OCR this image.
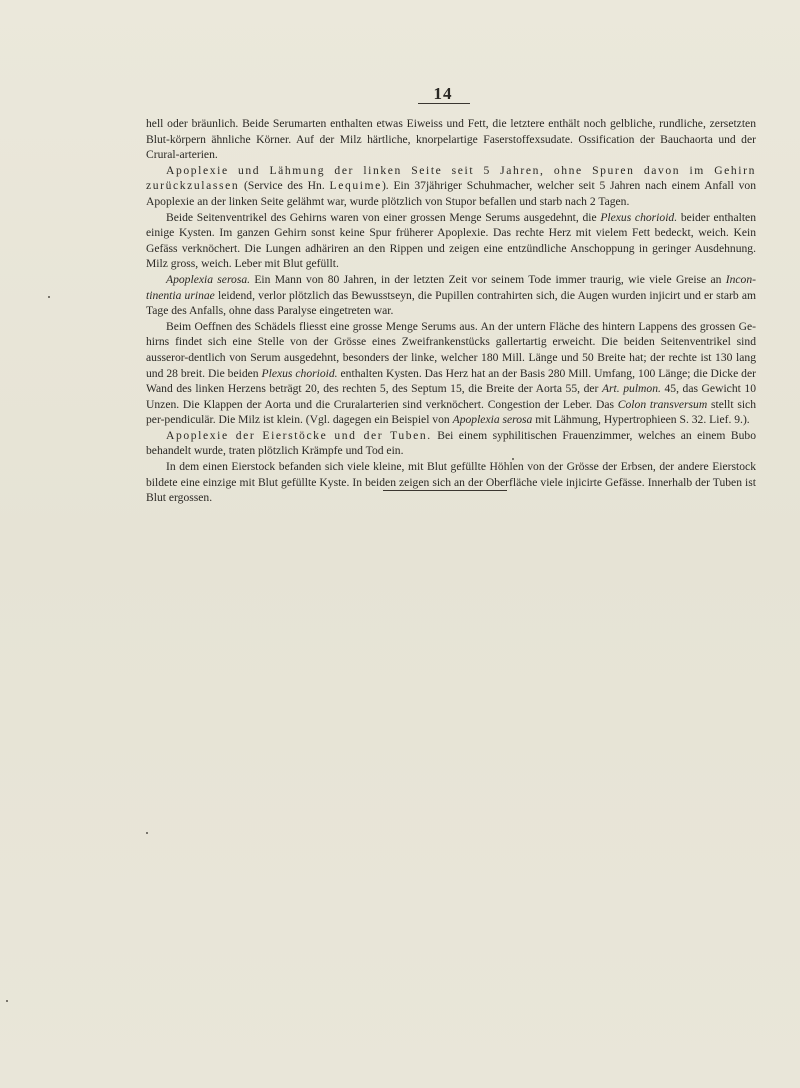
14

hell oder bräunlich. Beide Serumarten enthalten etwas Eiweiss und Fett, die letztere enthält noch gelbliche, rundliche, zersetzten Blut-körpern ähnliche Körner. Auf der Milz härtliche, knorpelartige Faserstoffexsudate. Ossification der Bauchaorta und der Crural-arterien.

Apoplexie und Lähmung der linken Seite seit 5 Jahren, ohne Spuren davon im Gehirn zurückzulassen (Service des Hn. Lequime). Ein 37jähriger Schuhmacher, welcher seit 5 Jahren nach einem Anfall von Apoplexie an der linken Seite gelähmt war, wurde plötzlich von Stupor befallen und starb nach 2 Tagen.

Beide Seitenventrikel des Gehirns waren von einer grossen Menge Serums ausgedehnt, die Plexus chorioid. beider enthalten einige Kysten. Im ganzen Gehirn sonst keine Spur früherer Apoplexie. Das rechte Herz mit vielem Fett bedeckt, weich. Kein Gefäss verknöchert. Die Lungen adhäriren an den Rippen und zeigen eine entzündliche Anschoppung in geringer Ausdehnung. Milz gross, weich. Leber mit Blut gefüllt.

Apoplexia serosa. Ein Mann von 80 Jahren, in der letzten Zeit vor seinem Tode immer traurig, wie viele Greise an Incon-tinentia urinae leidend, verlor plötzlich das Bewusstseyn, die Pupillen contrahirten sich, die Augen wurden injicirt und er starb am Tage des Anfalls, ohne dass Paralyse eingetreten war.

Beim Oeffnen des Schädels fliesst eine grosse Menge Serums aus. An der untern Fläche des hintern Lappens des grossen Ge-hirns findet sich eine Stelle von der Grösse eines Zweifrankenstücks gallertartig erweicht. Die beiden Seitenventrikel sind ausseror-dentlich von Serum ausgedehnt, besonders der linke, welcher 180 Mill. Länge und 50 Breite hat; der rechte ist 130 lang und 28 breit. Die beiden Plexus chorioid. enthalten Kysten. Das Herz hat an der Basis 280 Mill. Umfang, 100 Länge; die Dicke der Wand des linken Herzens beträgt 20, des rechten 5, des Septum 15, die Breite der Aorta 55, der Art. pulmon. 45, das Gewicht 10 Unzen. Die Klappen der Aorta und die Cruralarterien sind verknöchert. Congestion der Leber. Das Colon transversum stellt sich per-pendiculär. Die Milz ist klein. (Vgl. dagegen ein Beispiel von Apoplexia serosa mit Lähmung, Hypertrophieen S. 32. Lief. 9.).

Apoplexie der Eierstöcke und der Tuben. Bei einem syphilitischen Frauenzimmer, welches an einem Bubo behandelt wurde, traten plötzlich Krämpfe und Tod ein.

In dem einen Eierstock befanden sich viele kleine, mit Blut gefüllte Höhlen von der Grösse der Erbsen, der andere Eierstock bildete eine einzige mit Blut gefüllte Kyste. In beiden zeigen sich an der Oberfläche viele injicirte Gefässe. Innerhalb der Tuben ist Blut ergossen.
